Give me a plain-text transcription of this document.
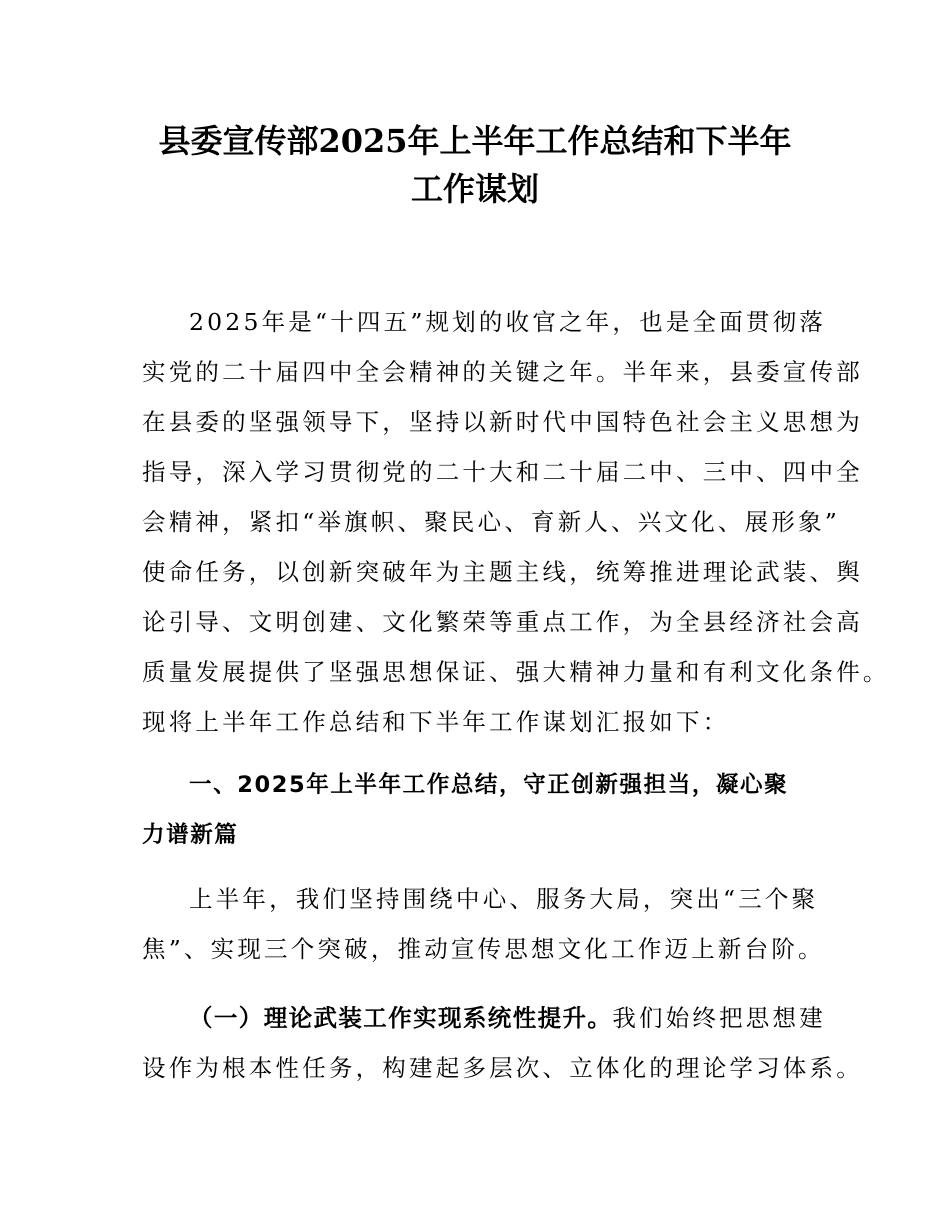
县委宣传部2025年上半年工作总结和下半年
工作谋划
2025年是“十四五”规划的收官之年，也是全面贯彻落
实党的二十届四中全会精神的关键之年。半年来，县委宣传部
在县委的坚强领导下，坚持以新时代中国特色社会主义思想为
指导，深入学习贯彻党的二十大和二十届二中、三中、四中全
会精神，紧扣“举旗帜、聚民心、育新人、兴文化、展形象”
使命任务，以创新突破年为主题主线，统筹推进理论武装、舆
论引导、文明创建、文化繁荣等重点工作，为全县经济社会高
质量发展提供了坚强思想保证、强大精神力量和有利文化条件。
现将上半年工作总结和下半年工作谋划汇报如下：
一、2025年上半年工作总结，守正创新强担当，凝心聚
力谱新篇
上半年，我们坚持围绕中心、服务大局，突出“三个聚
焦”、实现三个突破，推动宣传思想文化工作迈上新台阶。
（一）理论武装工作实现系统性提升。我们始终把思想建
设作为根本性任务，构建起多层次、立体化的理论学习体系。
